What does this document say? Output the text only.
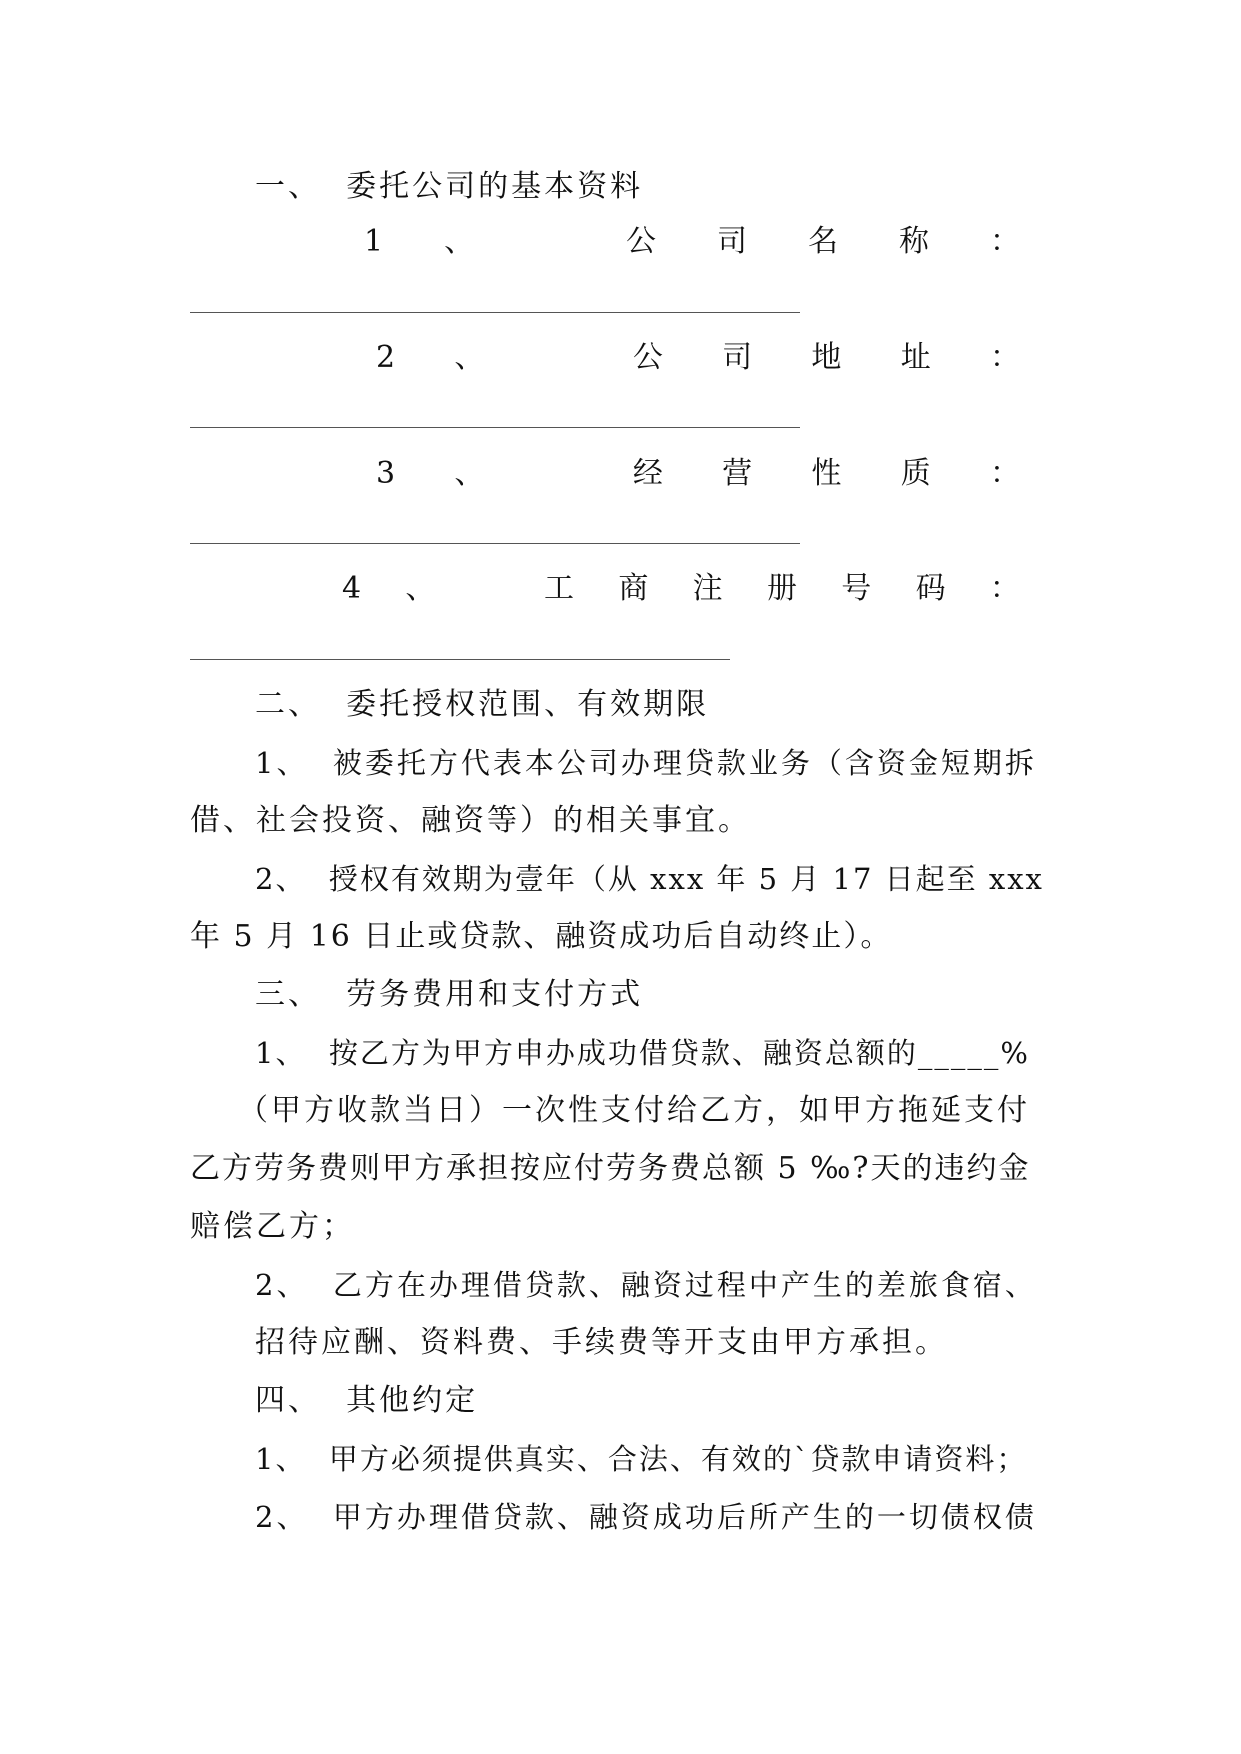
一、  委托公司的基本资料
1 、	公 司 名 称 ：
2 、	公 司 地 址 ：
3 、	经 营 性 质 ：
4 、	工 商 注 册 号 码 ：
二、  委托授权范围、有效期限
1、  被委托方代表本公司办理贷款业务（含资金短期拆
借、社会投资、融资等）的相关事宜。
2、  授权有效期为壹年（从 xxx 年 5 月 17 日起至 xxx
年 5 月 16 日止或贷款、融资成功后自动终止）。
三、  劳务费用和支付方式
1、  按乙方为甲方申办成功借贷款、融资总额的_____%
（甲方收款当日）一次性支付给乙方，如甲方拖延支付
乙方劳务费则甲方承担按应付劳务费总额 5 ‰?天的违约金
赔偿乙方；
2、  乙方在办理借贷款、融资过程中产生的差旅食宿、
招待应酬、资料费、手续费等开支由甲方承担。
四、  其他约定
1、  甲方必须提供真实、合法、有效的`贷款申请资料；
2、  甲方办理借贷款、融资成功后所产生的一切债权债
